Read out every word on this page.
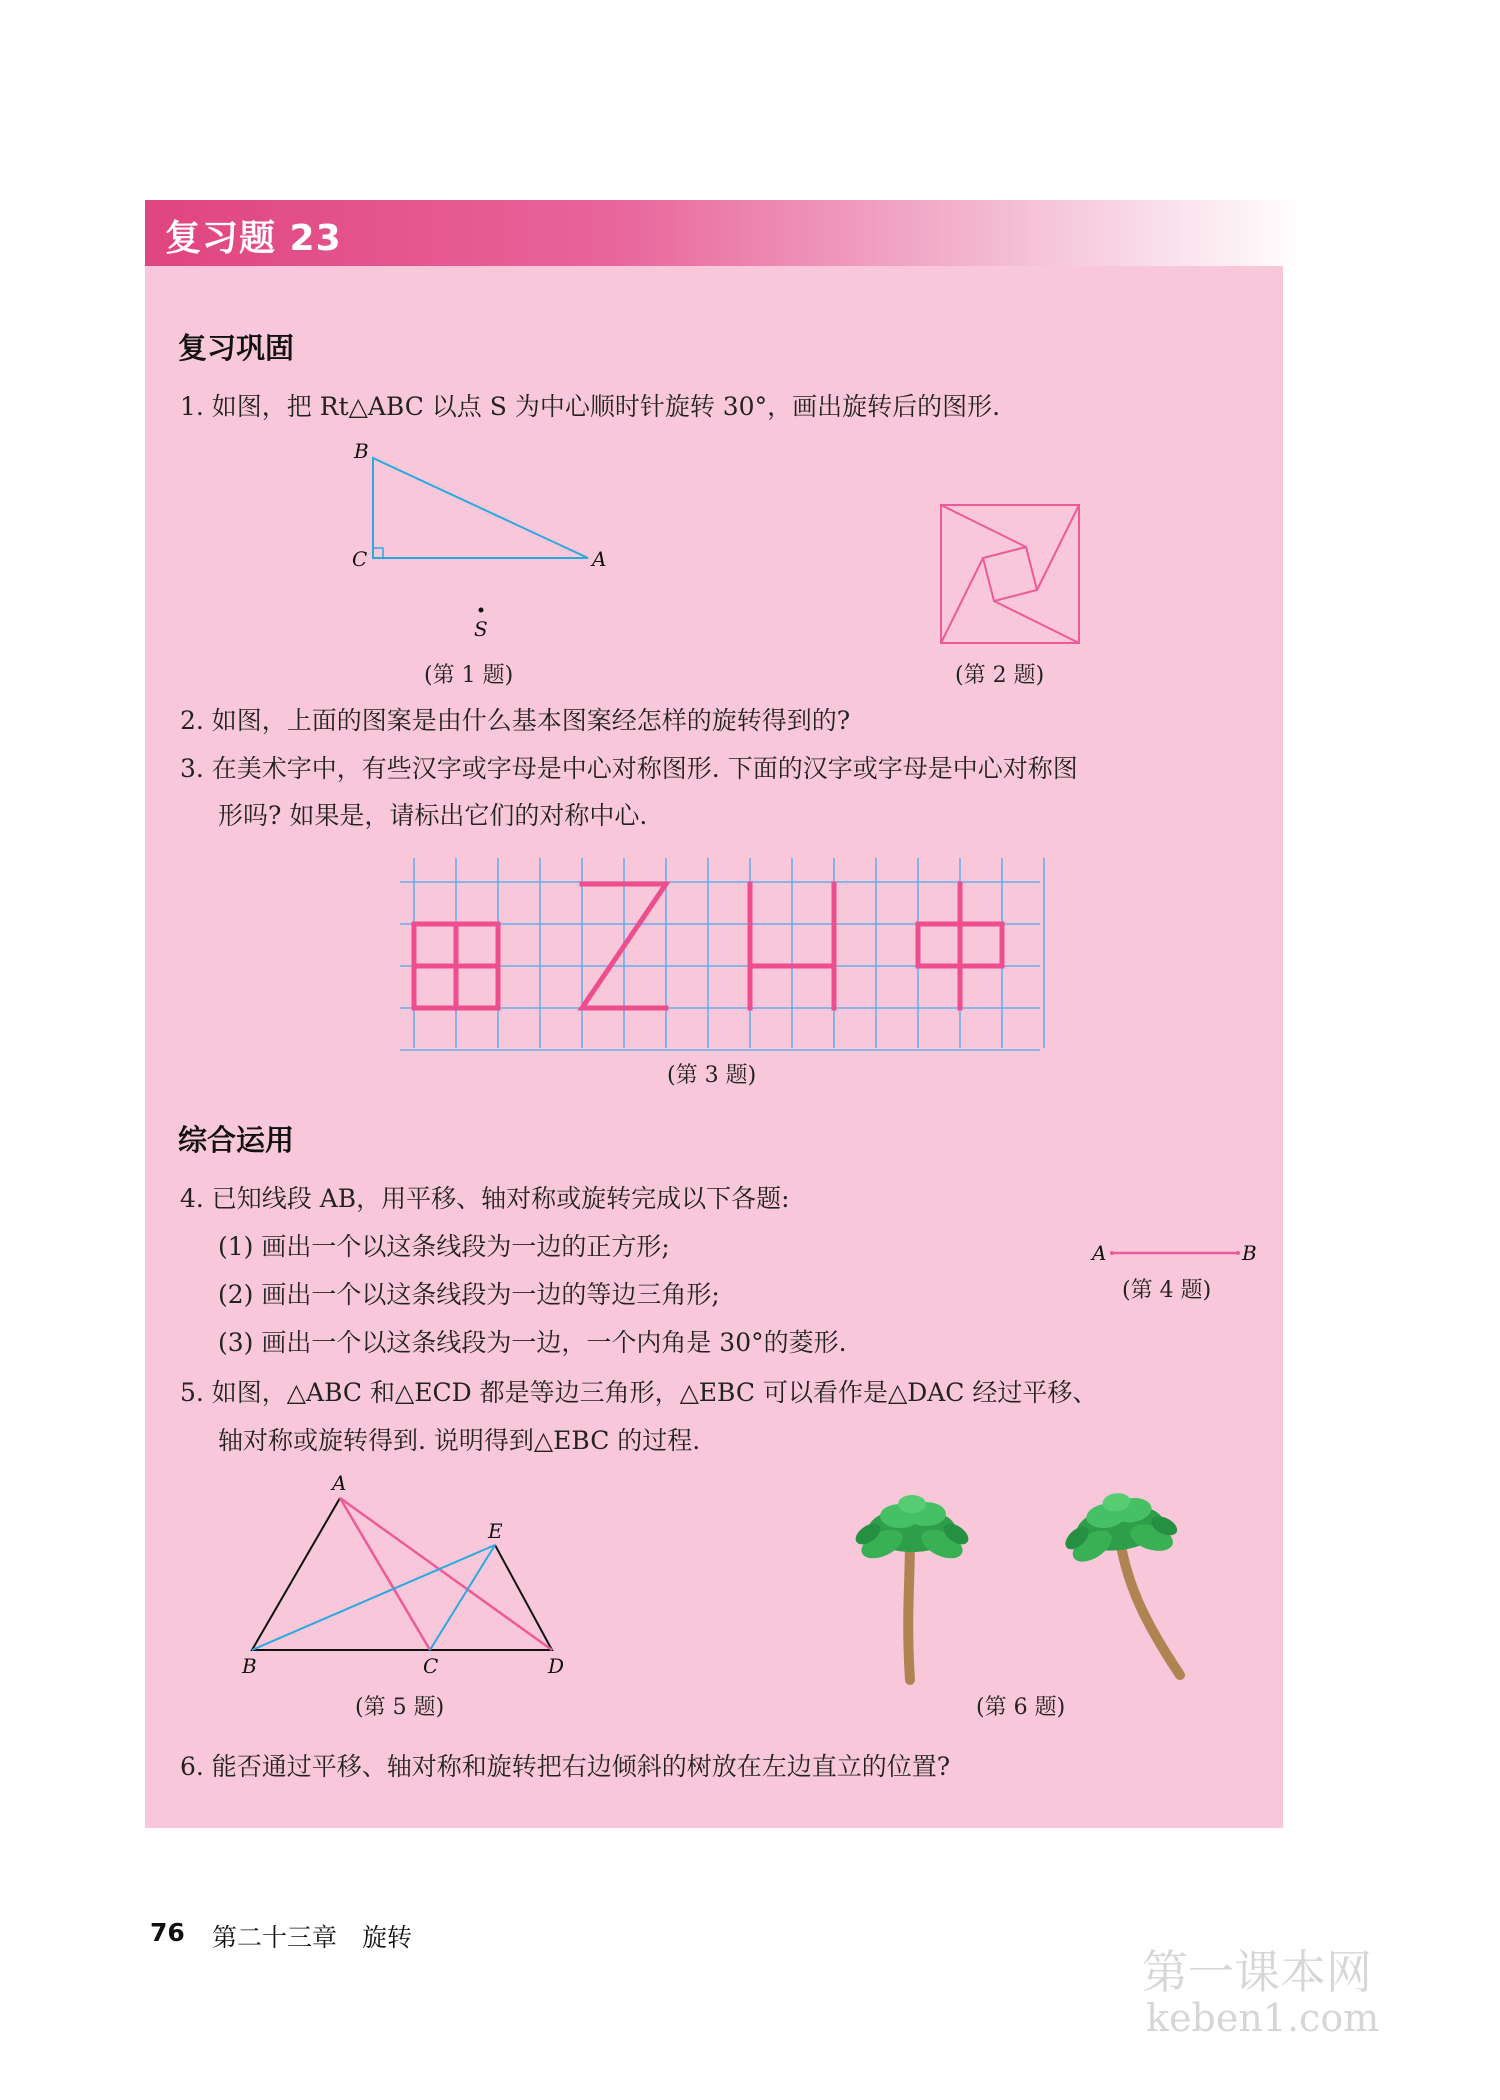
复习题 23
复习巩固
1. 如图，把 Rt△ABC 以点 S 为中心顺时针旋转 30°，画出旋转后的图形.
B
C	A
S
(第 1 题)	(第 2 题)
2. 如图，上面的图案是由什么基本图案经怎样的旋转得到的?
3. 在美术字中，有些汉字或字母是中心对称图形. 下面的汉字或字母是中心对称图
形吗? 如果是，请标出它们的对称中心.
(第 3 题)
综合运用
4. 已知线段 AB，用平移、轴对称或旋转完成以下各题:
(1) 画出一个以这条线段为一边的正方形;
(2) 画出一个以这条线段为一边的等边三角形;
(3) 画出一个以这条线段为一边，一个内角是 30°的菱形.
A	B
(第 4 题)
5. 如图，△ABC 和△ECD 都是等边三角形，△EBC 可以看作是△DAC 经过平移、
轴对称或旋转得到. 说明得到△EBC 的过程.
A
E
B	C	D
(第 5 题)	(第 6 题)
6. 能否通过平移、轴对称和旋转把右边倾斜的树放在左边直立的位置?
76 第二十三章　旋转
第一课本网
keben1.com
